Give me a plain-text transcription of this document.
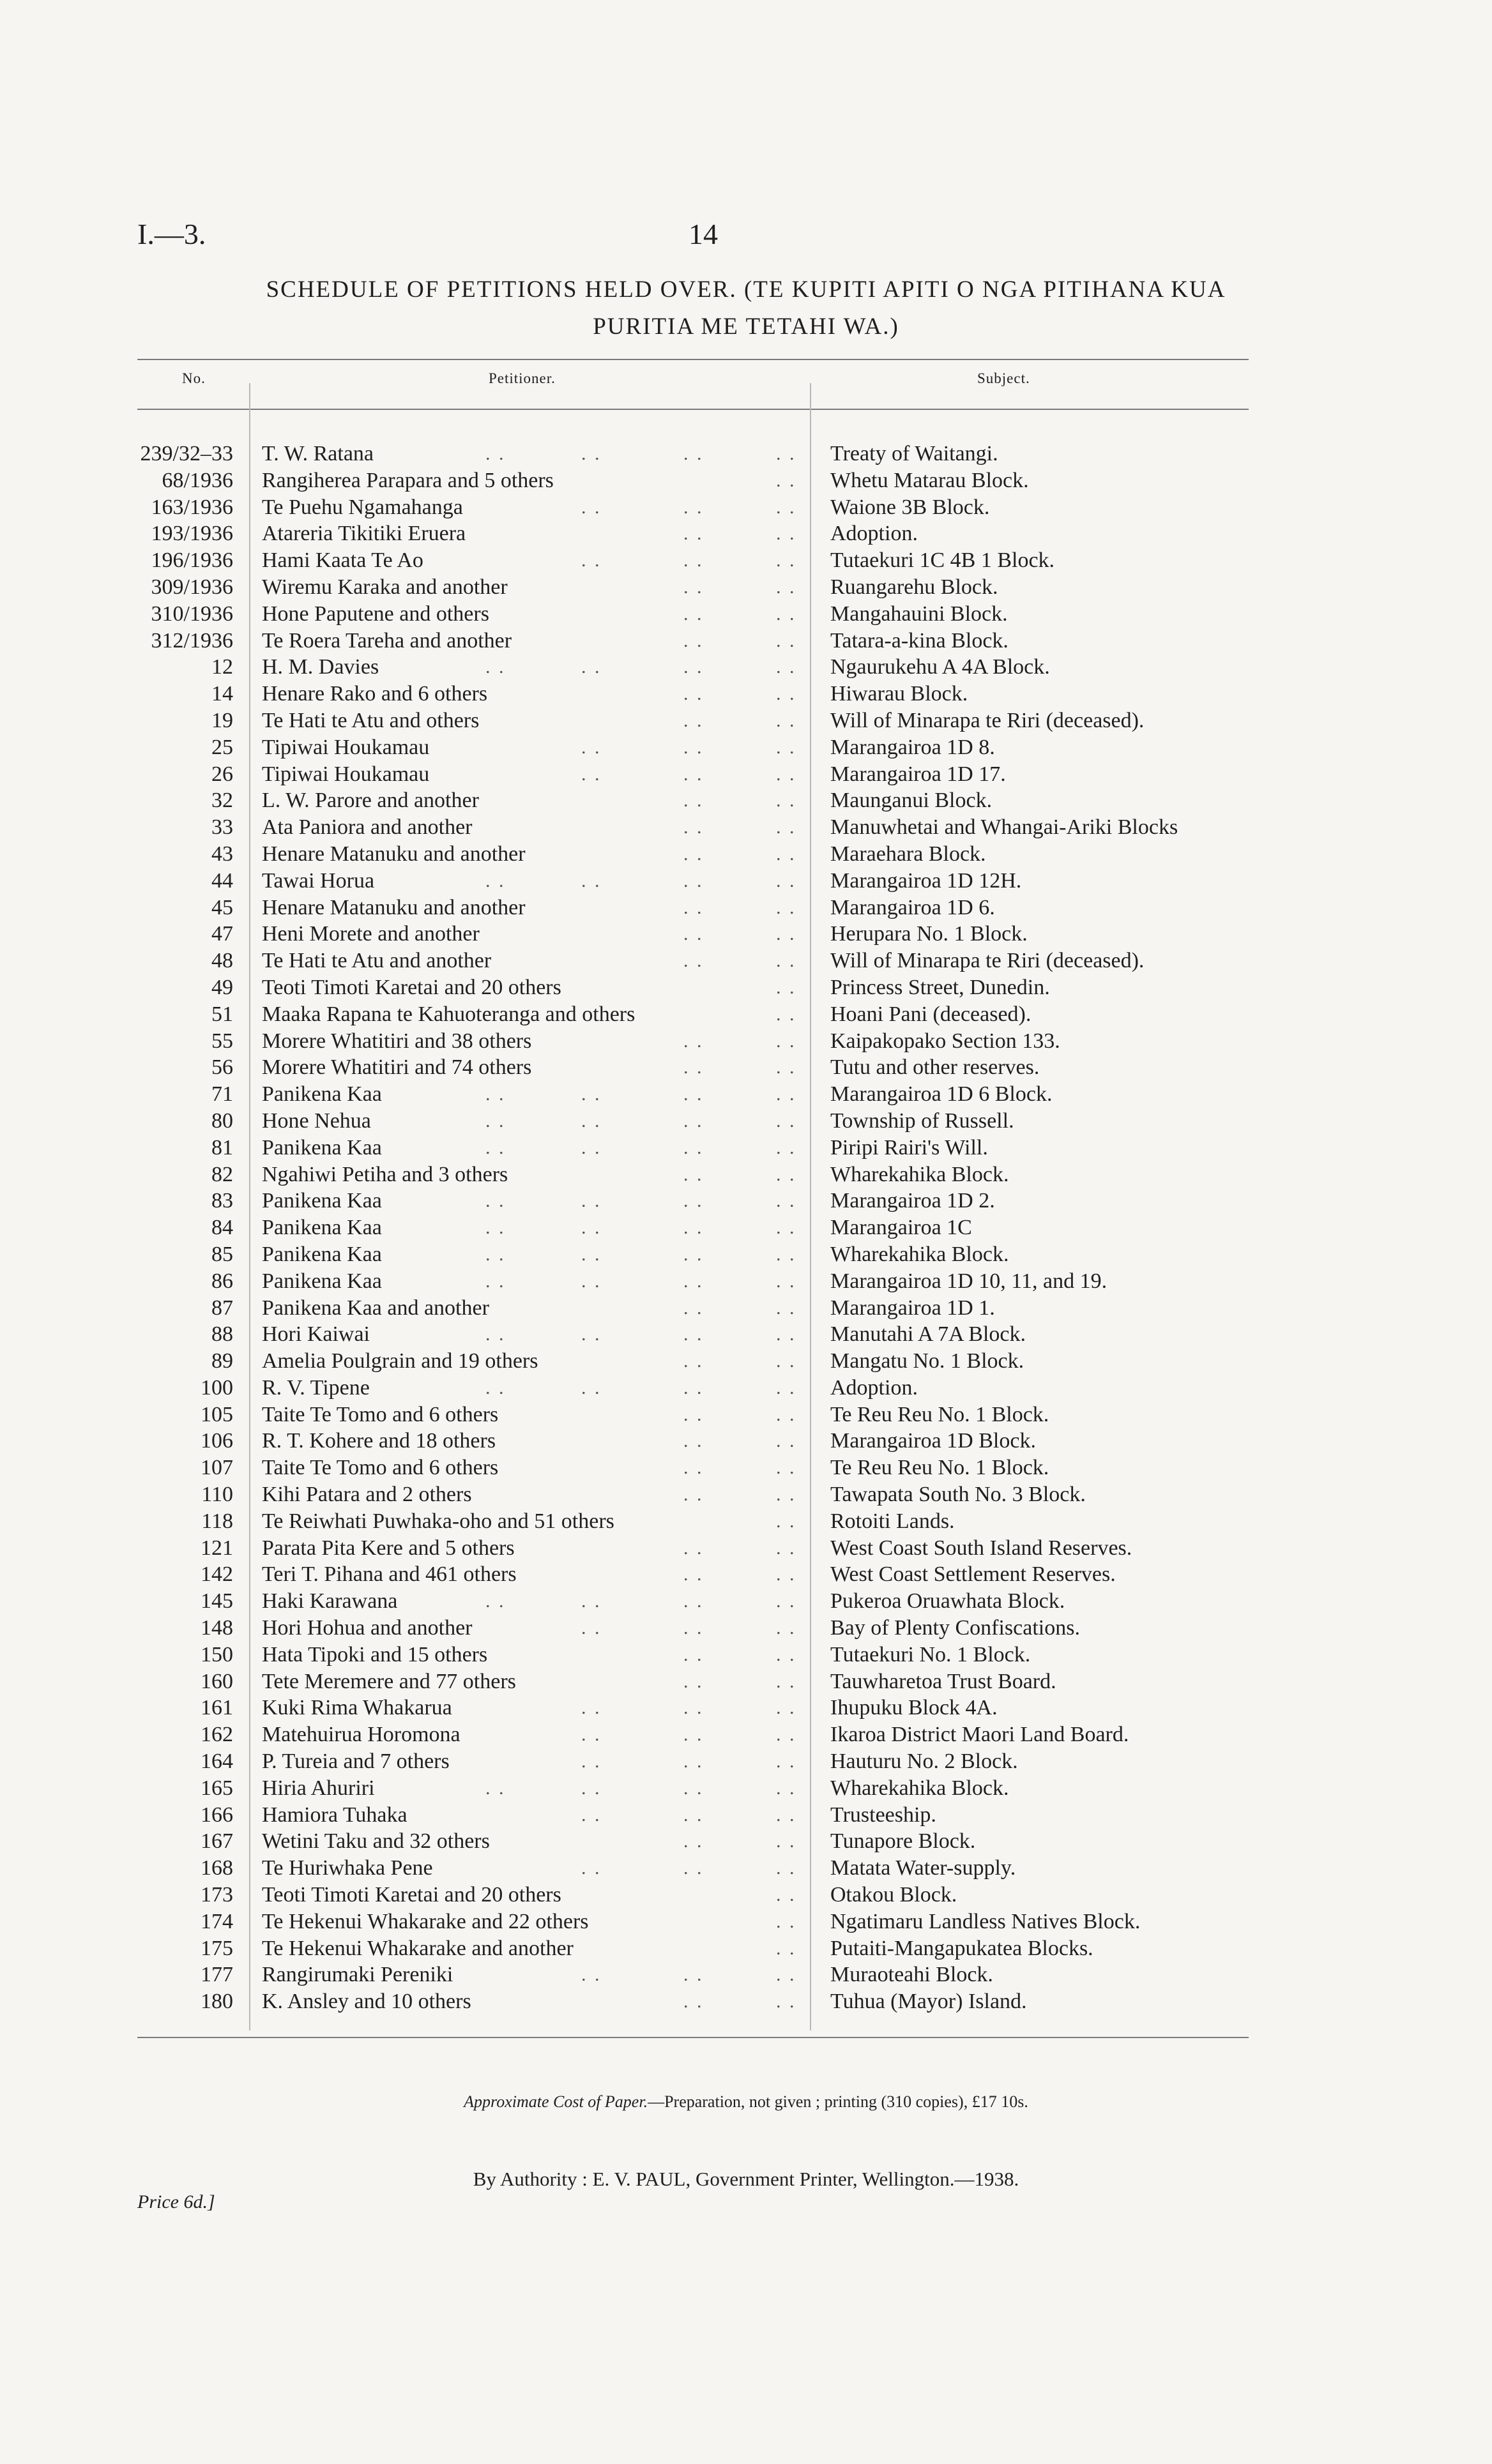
I.—3.	14
SCHEDULE OF PETITIONS HELD OVER. (TE KUPITI APITI O NGA PITIHANA KUA
PURITIA ME TETAHI WA.)
No.	Petitioner.	Subject.
239/32–33 T. W. Ratana	. .	. .	. .	. . Treaty of Waitangi.
68/1936 Rangiherea Parapara and 5 others	. . Whetu Matarau Block.
163/1936 Te Puehu Ngamahanga	. .	. .	. . Waione 3B Block.
193/1936 Atareria Tikitiki Eruera	. .	. . Adoption.
196/1936 Hami Kaata Te Ao	. .	. .	. . Tutaekuri 1C 4B 1 Block.
309/1936 Wiremu Karaka and another	. .	. . Ruangarehu Block.
310/1936 Hone Paputene and others	. .	. . Mangahauini Block.
312/1936 Te Roera Tareha and another	. .	. . Tatara-a-kina Block.
12 H. M. Davies	. .	. .	. .	. . Ngaurukehu A 4A Block.
14 Henare Rako and 6 others	. .	. . Hiwarau Block.
19 Te Hati te Atu and others	. .	. . Will of Minarapa te Riri (deceased).
25 Tipiwai Houkamau	. .	. .	. . Marangairoa 1D 8.
26 Tipiwai Houkamau	. .	. .	. . Marangairoa 1D 17.
32 L. W. Parore and another	. .	. . Maunganui Block.
33 Ata Paniora and another	. .	. . Manuwhetai and Whangai-Ariki Blocks
43 Henare Matanuku and another	. .	. . Maraehara Block.
44 Tawai Horua	. .	. .	. .	. . Marangairoa 1D 12H.
45 Henare Matanuku and another	. .	. . Marangairoa 1D 6.
47 Heni Morete and another	. .	. . Herupara No. 1 Block.
48 Te Hati te Atu and another	. .	. . Will of Minarapa te Riri (deceased).
49 Teoti Timoti Karetai and 20 others	. . Princess Street, Dunedin.
51 Maaka Rapana te Kahuoteranga and others	. . Hoani Pani (deceased).
55 Morere Whatitiri and 38 others	. .	. . Kaipakopako Section 133.
56 Morere Whatitiri and 74 others	. .	. . Tutu and other reserves.
71 Panikena Kaa	. .	. .	. .	. . Marangairoa 1D 6 Block.
80 Hone Nehua	. .	. .	. .	. . Township of Russell.
81 Panikena Kaa	. .	. .	. .	. . Piripi Rairi's Will.
82 Ngahiwi Petiha and 3 others	. .	. . Wharekahika Block.
83 Panikena Kaa	. .	. .	. .	. . Marangairoa 1D 2.
84 Panikena Kaa	. .	. .	. .	. . Marangairoa 1C
85 Panikena Kaa	. .	. .	. .	. . Wharekahika Block.
86 Panikena Kaa	. .	. .	. .	. . Marangairoa 1D 10, 11, and 19.
87 Panikena Kaa and another	. .	. . Marangairoa 1D 1.
88 Hori Kaiwai	. .	. .	. .	. . Manutahi A 7A Block.
89 Amelia Poulgrain and 19 others	. .	. . Mangatu No. 1 Block.
100 R. V. Tipene	. .	. .	. .	. . Adoption.
105 Taite Te Tomo and 6 others	. .	. . Te Reu Reu No. 1 Block.
106 R. T. Kohere and 18 others	. .	. . Marangairoa 1D Block.
107 Taite Te Tomo and 6 others	. .	. . Te Reu Reu No. 1 Block.
110 Kihi Patara and 2 others	. .	. . Tawapata South No. 3 Block.
118 Te Reiwhati Puwhaka-oho and 51 others	. . Rotoiti Lands.
121 Parata Pita Kere and 5 others	. .	. . West Coast South Island Reserves.
142 Teri T. Pihana and 461 others	. .	. . West Coast Settlement Reserves.
145 Haki Karawana	. .	. .	. .	. . Pukeroa Oruawhata Block.
148 Hori Hohua and another	. .	. .	. . Bay of Plenty Confiscations.
150 Hata Tipoki and 15 others	. .	. . Tutaekuri No. 1 Block.
160 Tete Meremere and 77 others	. .	. . Tauwharetoa Trust Board.
161 Kuki Rima Whakarua	. .	. .	. . Ihupuku Block 4A.
162 Matehuirua Horomona	. .	. .	. . Ikaroa District Maori Land Board.
164 P. Tureia and 7 others	. .	. .	. . Hauturu No. 2 Block.
165 Hiria Ahuriri	. .	. .	. .	. . Wharekahika Block.
166 Hamiora Tuhaka	. .	. .	. . Trusteeship.
167 Wetini Taku and 32 others	. .	. . Tunapore Block.
168 Te Huriwhaka Pene	. .	. .	. . Matata Water-supply.
173 Teoti Timoti Karetai and 20 others	. . Otakou Block.
174 Te Hekenui Whakarake and 22 others	. . Ngatimaru Landless Natives Block.
175 Te Hekenui Whakarake and another	. . Putaiti-Mangapukatea Blocks.
177 Rangirumaki Pereniki	. .	. .	. . Muraoteahi Block.
180 K. Ansley and 10 others	. .	. . Tuhua (Mayor) Island.
Approximate Cost of Paper.—Preparation, not given ; printing (310 copies), £17 10s.
By Authority : E. V. PAUL, Government Printer, Wellington.—1938.
Price 6d.]
